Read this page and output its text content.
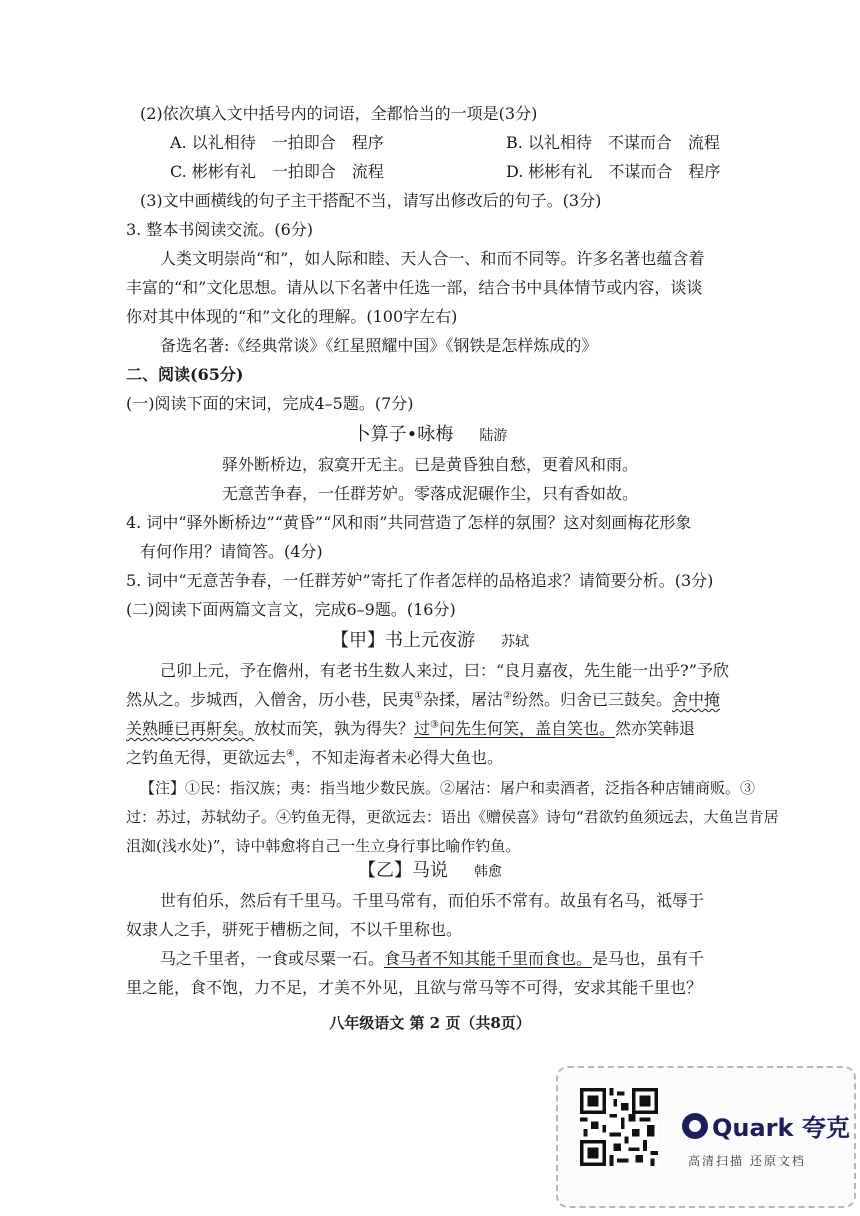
(2)依次填入文中括号内的词语，全都恰当的一项是(3分)
A. 以礼相待　一拍即合　程序	B. 以礼相待　不谋而合　流程
C. 彬彬有礼　一拍即合　流程	D. 彬彬有礼　不谋而合　程序
(3)文中画横线的句子主干搭配不当，请写出修改后的句子。(3分)
3. 整本书阅读交流。(6分)
人类文明崇尚“和”，如人际和睦、天人合一、和而不同等。许多名著也蕴含着
丰富的“和”文化思想。请从以下名著中任选一部，结合书中具体情节或内容，谈谈
你对其中体现的“和”文化的理解。(100字左右)
备选名著:《经典常谈》《红星照耀中国》《钢铁是怎样炼成的》
二、阅读(65分)
(一)阅读下面的宋词，完成4–5题。(7分)
卜算子•咏梅 陆游
驿外断桥边，寂寞开无主。已是黄昏独自愁，更着风和雨。
无意苦争春，一任群芳妒。零落成泥碾作尘，只有香如故。
4. 词中“驿外断桥边”“黄昏”“风和雨”共同营造了怎样的氛围？这对刻画梅花形象
有何作用？请简答。(4分)
5. 词中“无意苦争春，一任群芳妒”寄托了作者怎样的品格追求？请简要分析。(3分)
(二)阅读下面两篇文言文，完成6–9题。(16分)
【甲】书上元夜游 苏轼
己卯上元，予在儋州，有老书生数人来过，曰：“良月嘉夜，先生能一出乎?”予欣
然从之。步城西，入僧舍，历小巷，民夷①杂揉，屠沽②纷然。归舍已三鼓矣。舍中掩
关熟睡已再鼾矣。放杖而笑，孰为得失？过③问先生何笑，盖自笑也。然亦笑韩退
之钓鱼无得，更欲远去④，不知走海者未必得大鱼也。
【注】①民：指汉族；夷：指当地少数民族。②屠沽：屠户和卖酒者，泛指各种店铺商贩。③
过：苏过，苏轼幼子。④钓鱼无得，更欲远去：语出《赠侯喜》诗句“君欲钓鱼须远去，大鱼岂肯居
沮洳(浅水处)”，诗中韩愈将自己一生立身行事比喻作钓鱼。
【乙】马说 韩愈
世有伯乐，然后有千里马。千里马常有，而伯乐不常有。故虽有名马，祗辱于
奴隶人之手，骈死于槽枥之间，不以千里称也。
马之千里者，一食或尽粟一石。食马者不知其能千里而食也。是马也，虽有千
里之能，食不饱，力不足，才美不外见，且欲与常马等不可得，安求其能千里也？
八年级语文 第 2 页（共8页）
Quark 夸克
高清扫描 还原文档
